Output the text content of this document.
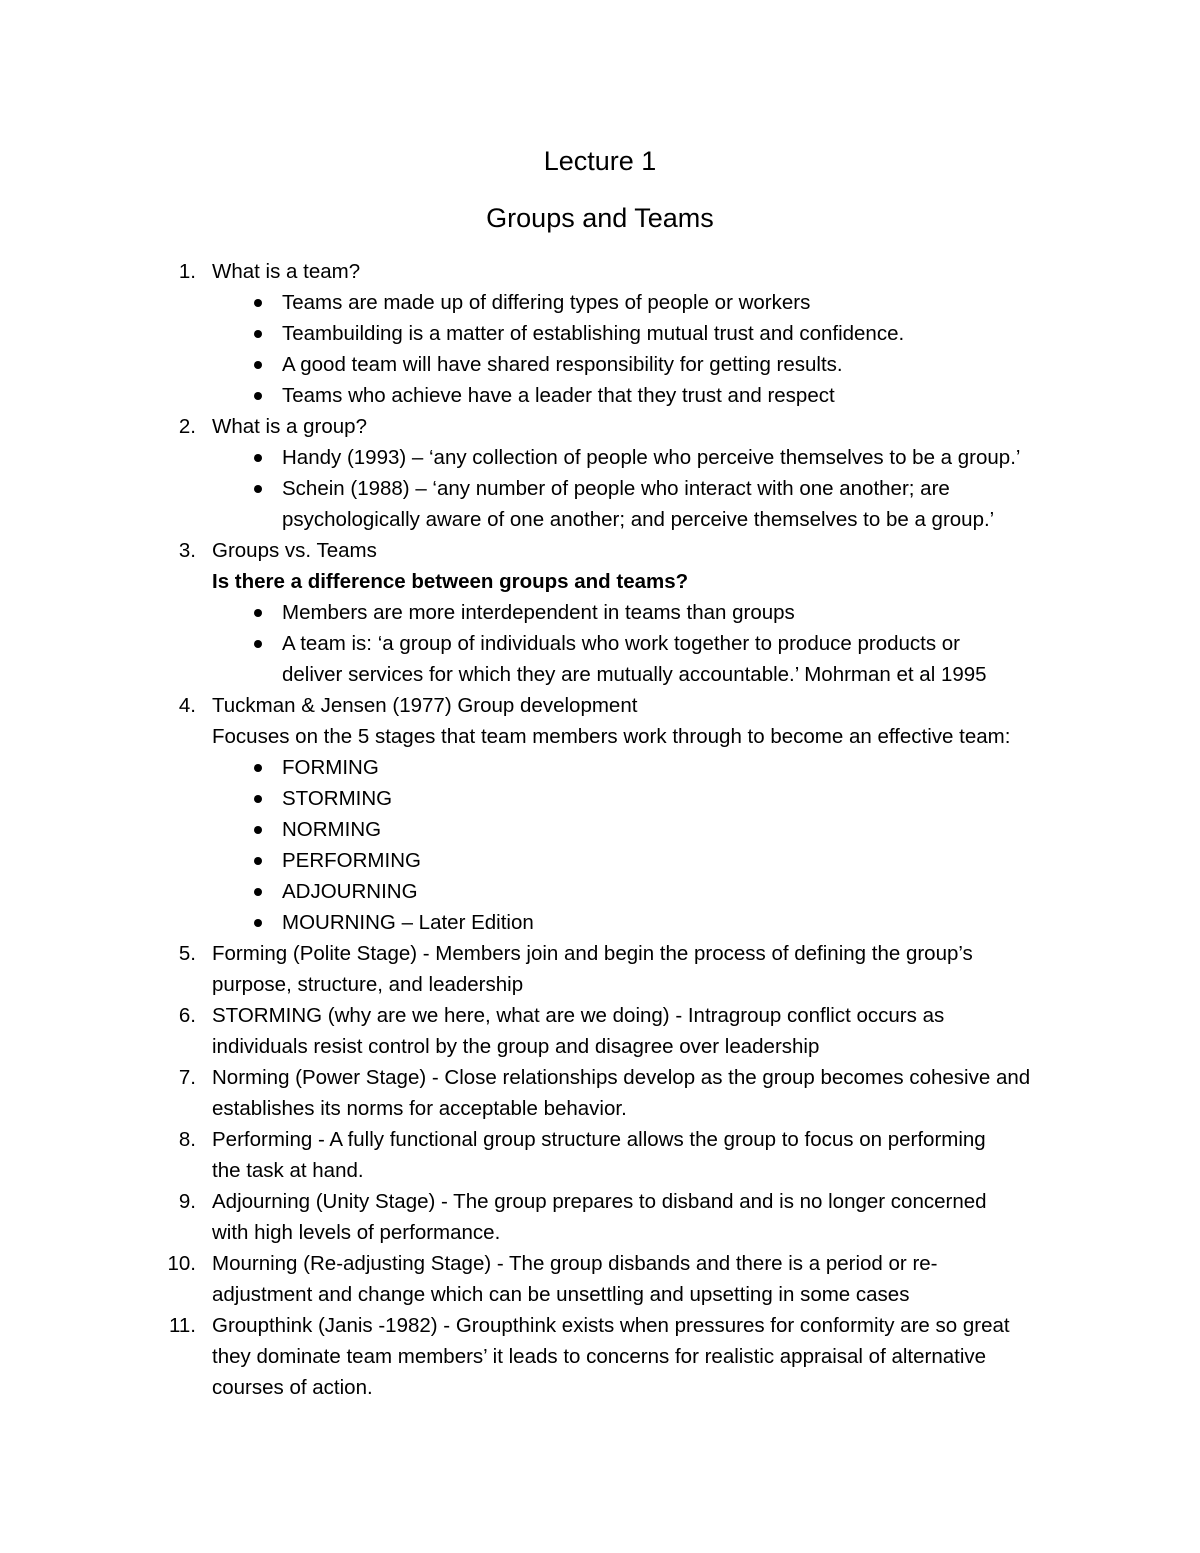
Lecture 1
Groups and Teams
1. What is a team?
Teams are made up of differing types of people or workers
Teambuilding is a matter of establishing mutual trust and confidence.
A good team will have shared responsibility for getting results.
Teams who achieve have a leader that they trust and respect
2. What is a group?
Handy (1993) – ‘any collection of people who perceive themselves to be a group.’
Schein (1988) – ‘any number of people who interact with one another; are
psychologically aware of one another; and perceive themselves to be a group.’
3. Groups vs. Teams
Is there a difference between groups and teams?
Members are more interdependent in teams than groups
A team is: ‘a group of individuals who work together to produce products or
deliver services for which they are mutually accountable.’ Mohrman et al 1995
4. Tuckman & Jensen (1977) Group development
Focuses on the 5 stages that team members work through to become an effective team:
FORMING
STORMING
NORMING
PERFORMING
ADJOURNING
MOURNING – Later Edition
5. Forming (Polite Stage) - Members join and begin the process of defining the group’s
purpose, structure, and leadership
6. STORMING (why are we here, what are we doing) - Intragroup conflict occurs as
individuals resist control by the group and disagree over leadership
7. Norming (Power Stage) - Close relationships develop as the group becomes cohesive and
establishes its norms for acceptable behavior.
8. Performing - A fully functional group structure allows the group to focus on performing
the task at hand.
9. Adjourning (Unity Stage) - The group prepares to disband and is no longer concerned
with high levels of performance.
10. Mourning (Re-adjusting Stage) - The group disbands and there is a period or re-
adjustment and change which can be unsettling and upsetting in some cases
11. Groupthink (Janis -1982) - Groupthink exists when pressures for conformity are so great
they dominate team members’ it leads to concerns for realistic appraisal of alternative
courses of action.
